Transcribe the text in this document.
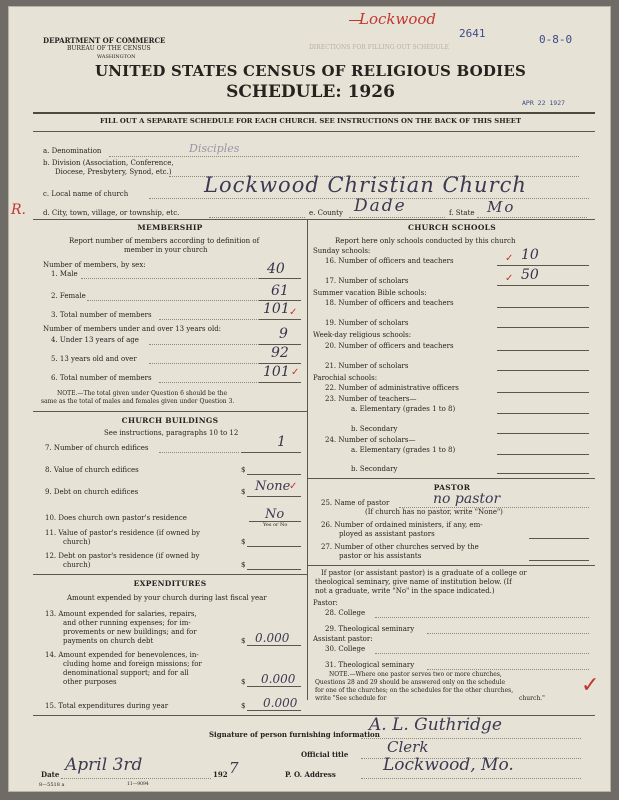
DEPARTMENT OF COMMERCE
BUREAU OF THE CENSUS
WASHINGTON
Lockwood
2641	0-8-0
DIRECTIONS FOR FILLING OUT SCHEDULE
UNITED STATES CENSUS OF RELIGIOUS BODIES
SCHEDULE: 1926
APR 22 1927
FILL OUT A SEPARATE SCHEDULE FOR EACH CHURCH. SEE INSTRUCTIONS ON THE BACK OF THIS SHEET
a. Denomination	Disciples
b. Division (Association, Conference,
Diocese, Presbytery, Synod, etc.)
c. Local name of church	Lockwood Christian Church
R. d. City, town, village, or township, etc.	e. County Dade	f. State Mo
MEMBERSHIP
Report number of members according to definition of
member in your church
Number of members, by sex:
1. Male	40
2. Female	61
3. Total number of members	101 ✓
Number of members under and over 13 years old:
4. Under 13 years of age	9
5. 13 years old and over	92
6. Total number of members	101 ✓
NOTE.—The total given under Question 6 should be the
same as the total of males and females given under Question 3.
CHURCH BUILDINGS
See instructions, paragraphs 10 to 12
7. Number of church edifices	1
8. Value of church edifices	$
9. Debt on church edifices	$ None
✓
10. Does church own pastor's residence	No
Yes or No
11. Value of pastor's residence (if owned by
church)	$
12. Debt on pastor's residence (if owned by
church)	$
EXPENDITURES
Amount expended by your church during last fiscal year
13. Amount expended for salaries, repairs,
and other running expenses; for im-
provements or new buildings; and for
payments on church debt	$ 0.000
14. Amount expended for benevolences, in-
cluding home and foreign missions; for
denominational support; and for all
other purposes	$ 0.000
15. Total expenditures during year	$ 0.000
CHURCH SCHOOLS
Report here only schools conducted by this church
Sunday schools:
16. Number of officers and teachers	10
✓
17. Number of scholars	50
✓
Summer vacation Bible schools:
18. Number of officers and teachers
19. Number of scholars
Week-day religious schools:
20. Number of officers and teachers
21. Number of scholars
Parochial schools:
22. Number of administrative officers
23. Number of teachers—
a. Elementary (grades 1 to 8)
b. Secondary
24. Number of scholars—
a. Elementary (grades 1 to 8)
b. Secondary
PASTOR
25. Name of pastor	no pastor
(If church has no pastor, write "None")
26. Number of ordained ministers, if any, em-
ployed as assistant pastors
27. Number of other churches served by the
pastor or his assistants
If pastor (or assistant pastor) is a graduate of a college or
theological seminary, give name of institution below. (If
not a graduate, write "No" in the space indicated.)
Pastor:
28. College
29. Theological seminary
Assistant pastor:
30. College
31. Theological seminary
NOTE.—Where one pastor serves two or more churches,
Questions 28 and 29 should be answered only on the schedule
for one of the churches; on the schedules for the other churches,
write "See schedule for	church."
✓
Signature of person furnishing information
A. L. Guthridge
Official title	Clerk
Date April 3rd	192 7	P. O. Address	Lockwood, Mo.
8—5518 a	11—9094
